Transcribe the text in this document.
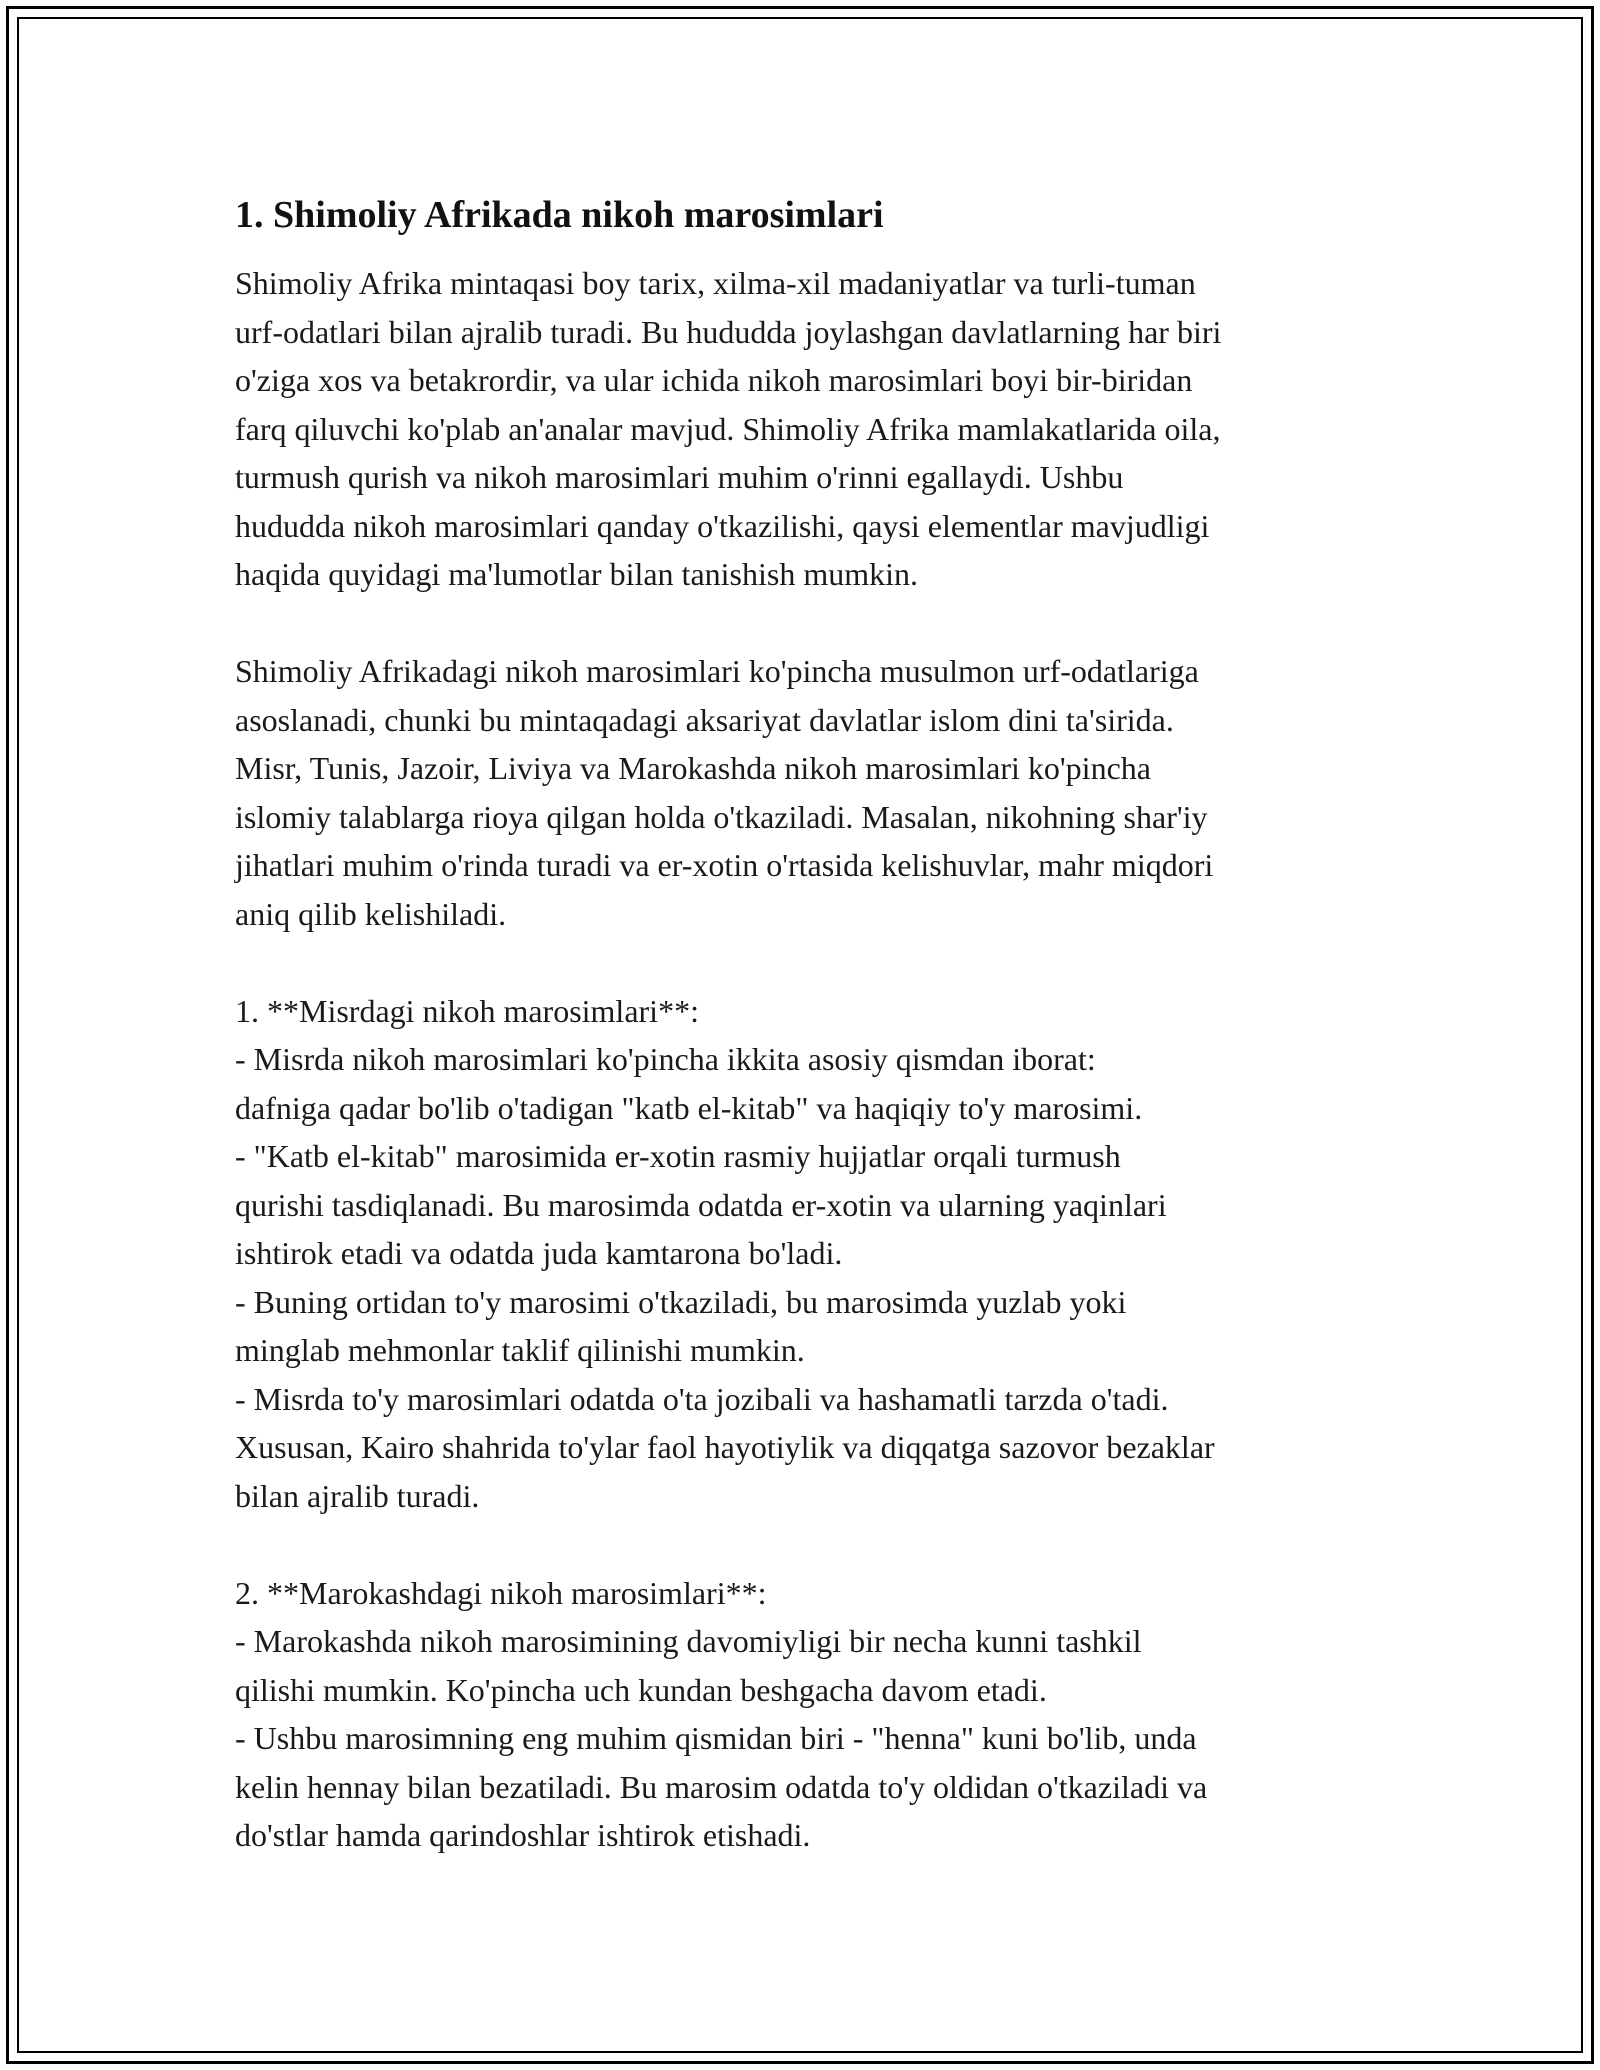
1. Shimoliy Afrikada nikoh marosimlari

Shimoliy Afrika mintaqasi boy tarix, xilma-xil madaniyatlar va turli-tuman
urf-odatlari bilan ajralib turadi. Bu hududda joylashgan davlatlarning har biri
o'ziga xos va betakrordir, va ular ichida nikoh marosimlari boyi bir-biridan
farq qiluvchi ko'plab an'analar mavjud. Shimoliy Afrika mamlakatlarida oila,
turmush qurish va nikoh marosimlari muhim o'rinni egallaydi. Ushbu
hududda nikoh marosimlari qanday o'tkazilishi, qaysi elementlar mavjudligi
haqida quyidagi ma'lumotlar bilan tanishish mumkin.

Shimoliy Afrikadagi nikoh marosimlari ko'pincha musulmon urf-odatlariga
asoslanadi, chunki bu mintaqadagi aksariyat davlatlar islom dini ta'sirida.
Misr, Tunis, Jazoir, Liviya va Marokashda nikoh marosimlari ko'pincha
islomiy talablarga rioya qilgan holda o'tkaziladi. Masalan, nikohning shar'iy
jihatlari muhim o'rinda turadi va er-xotin o'rtasida kelishuvlar, mahr miqdori
aniq qilib kelishiladi.

1. **Misrdagi nikoh marosimlari**:
- Misrda nikoh marosimlari ko'pincha ikkita asosiy qismdan iborat:
dafniga qadar bo'lib o'tadigan "katb el-kitab" va haqiqiy to'y marosimi.
- "Katb el-kitab" marosimida er-xotin rasmiy hujjatlar orqali turmush
qurishi tasdiqlanadi. Bu marosimda odatda er-xotin va ularning yaqinlari
ishtirok etadi va odatda juda kamtarona bo'ladi.
- Buning ortidan to'y marosimi o'tkaziladi, bu marosimda yuzlab yoki
minglab mehmonlar taklif qilinishi mumkin.
- Misrda to'y marosimlari odatda o'ta jozibali va hashamatli tarzda o'tadi.
Xususan, Kairo shahrida to'ylar faol hayotiylik va diqqatga sazovor bezaklar
bilan ajralib turadi.
2. **Marokashdagi nikoh marosimlari**:
- Marokashda nikoh marosimining davomiyligi bir necha kunni tashkil
qilishi mumkin. Ko'pincha uch kundan beshgacha davom etadi.
- Ushbu marosimning eng muhim qismidan biri - "henna" kuni bo'lib, unda
kelin hennay bilan bezatiladi. Bu marosim odatda to'y oldidan o'tkaziladi va
do'stlar hamda qarindoshlar ishtirok etishadi.
